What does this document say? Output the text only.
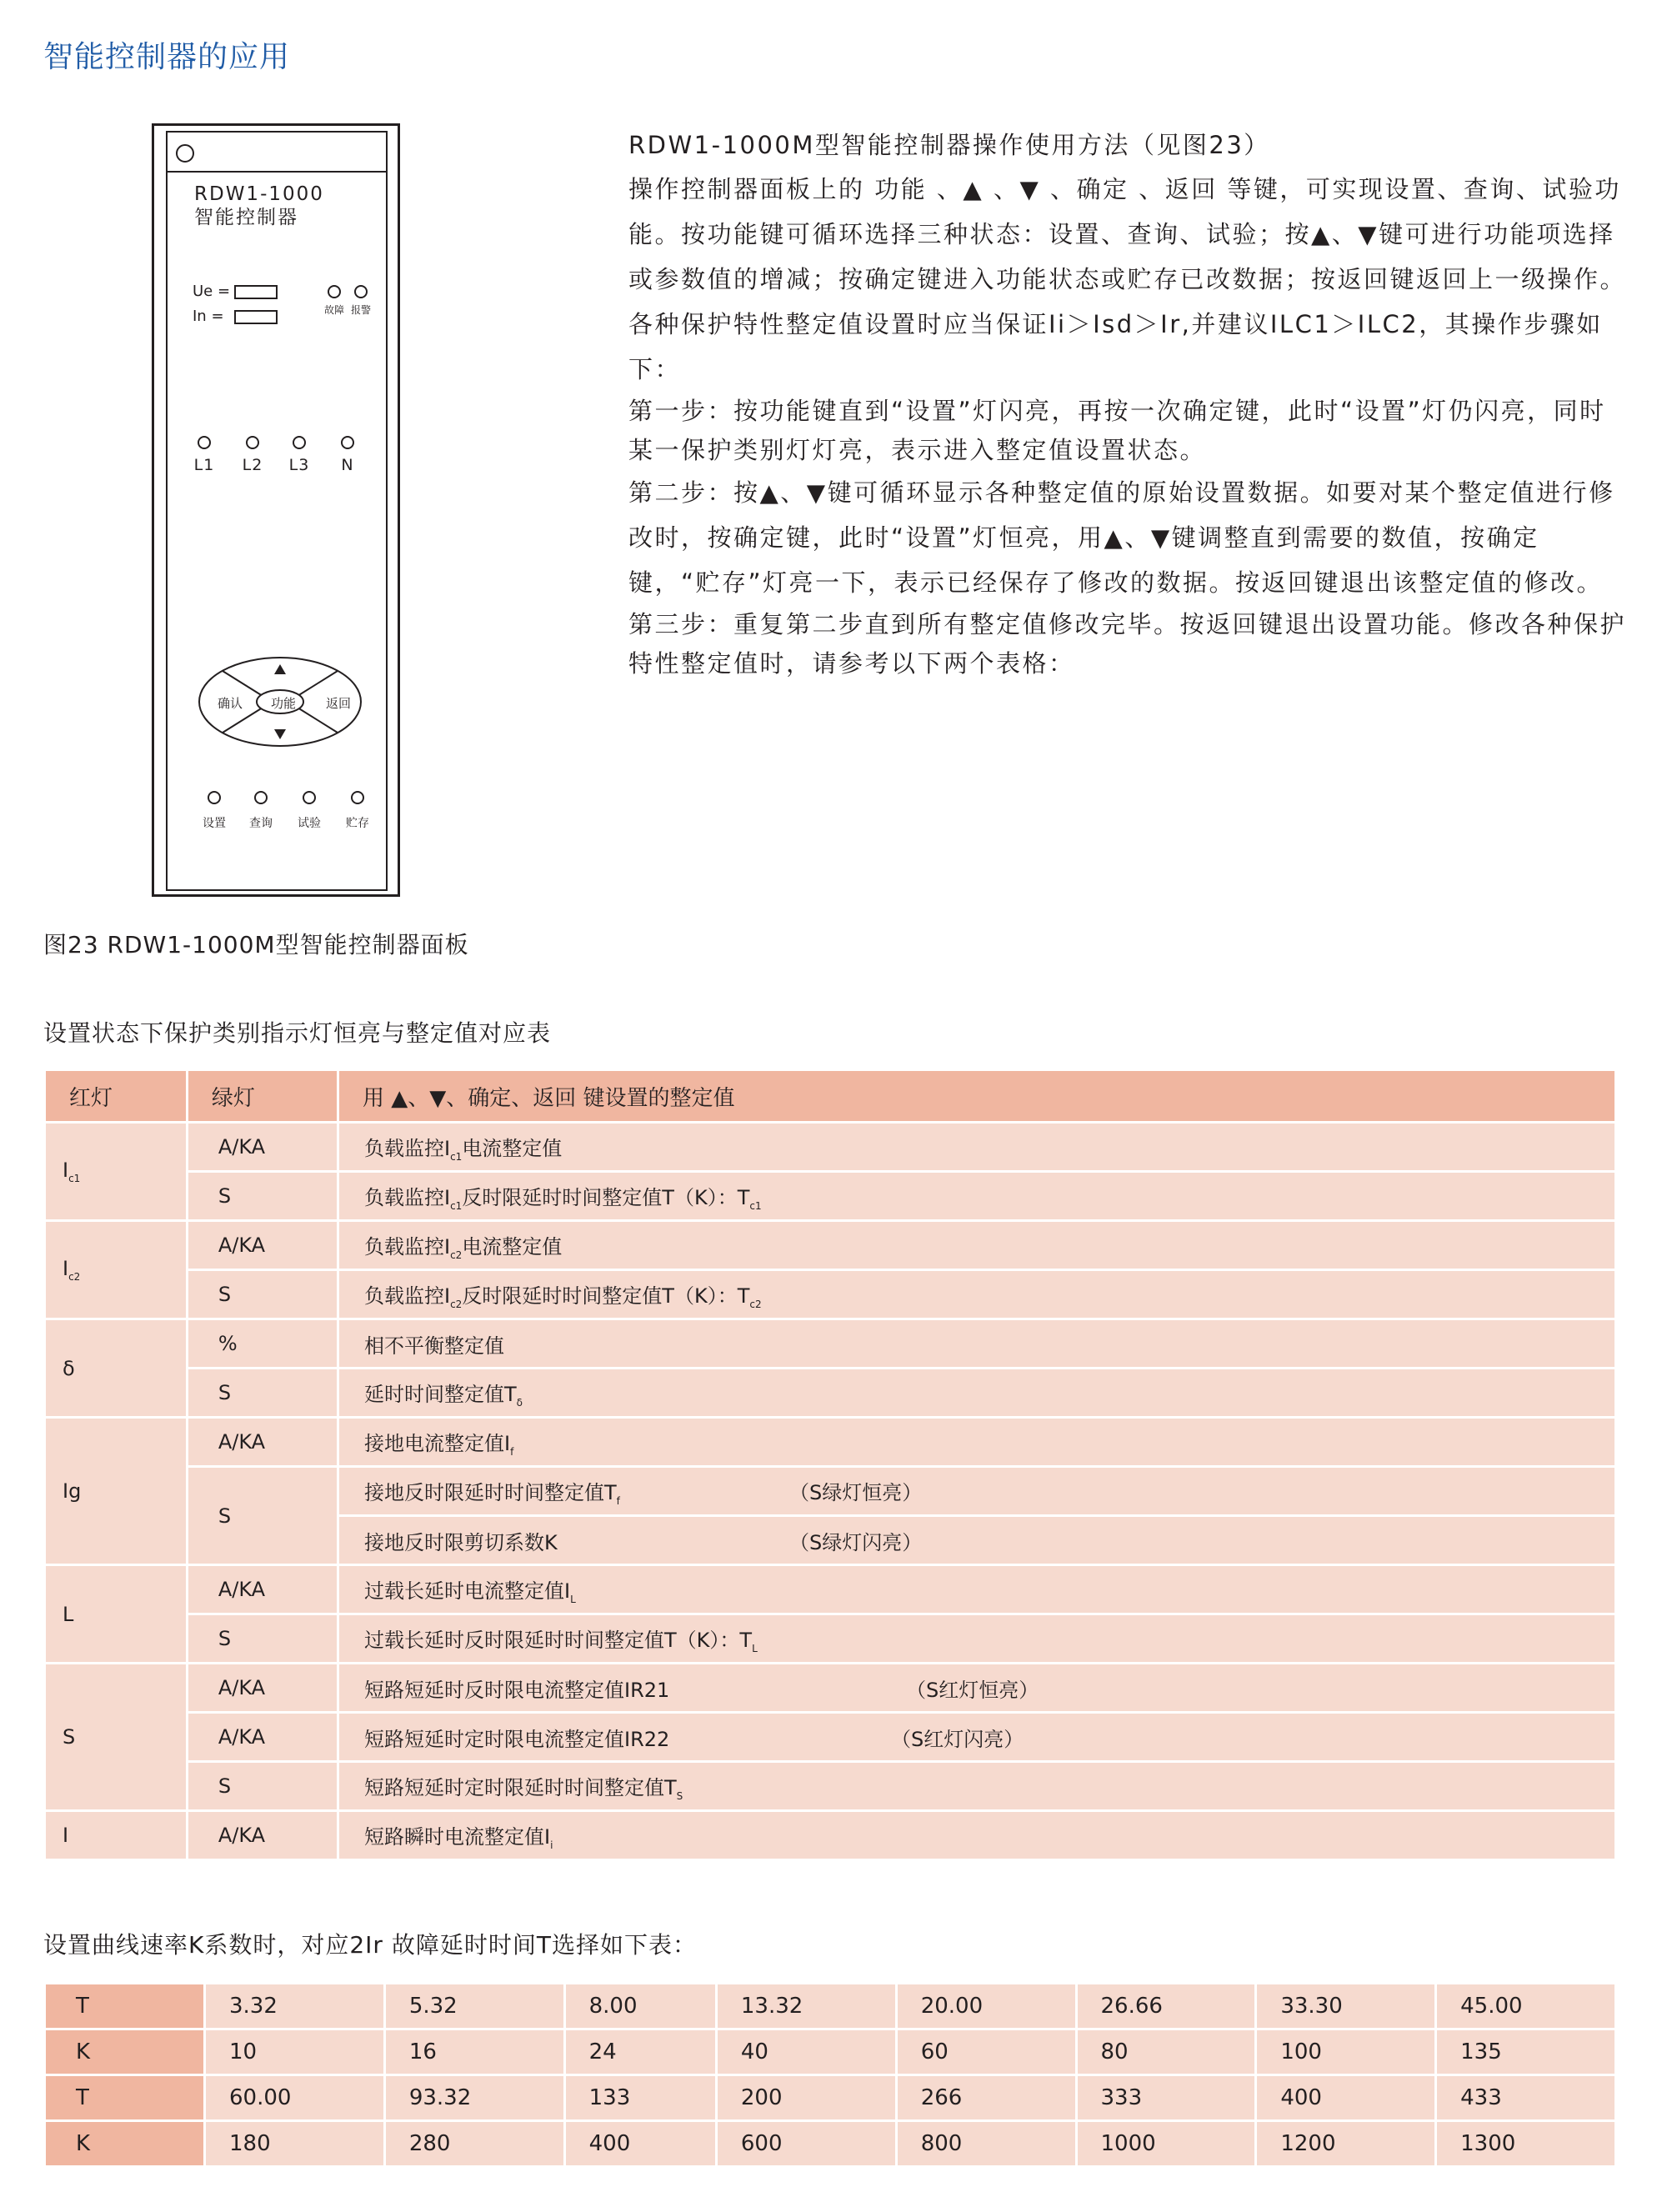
智能控制器的应用
RDW1-1000
智能控制器
Ue =
In =	故障 报警
L1	L2	L3	N
确认 功能 返回
设置	查询	试验	贮存

RDW1-1000M型智能控制器操作使用方法（见图23）

操作控制器面板上的 功能 、▲ 、▼ 、确定 、返回 等键，可实现设置、查询、试验功能。按功能键可循环选择三种状态：设置、查询、试验；按▲、▼键可进行功能项选择或参数值的增减；按确定键进入功能状态或贮存已改数据；按返回键返回上一级操作。各种保护特性整定值设置时应当保证Ii＞Isd＞Ir,并建议ILC1＞ILC2，其操作步骤如下：

第一步：按功能键直到“设置”灯闪亮，再按一次确定键，此时“设置”灯仍闪亮，同时某一保护类别灯灯亮，表示进入整定值设置状态。

第二步：按▲、▼键可循环显示各种整定值的原始设置数据。如要对某个整定值进行修改时，按确定键，此时“设置”灯恒亮，用▲、▼键调整直到需要的数值，按确定键，“贮存”灯亮一下，表示已经保存了修改的数据。按返回键退出该整定值的修改。

第三步：重复第二步直到所有整定值修改完毕。按返回键退出设置功能。修改各种保护特性整定值时，请参考以下两个表格：

图23 RDW1-1000M型智能控制器面板
设置状态下保护类别指示灯恒亮与整定值对应表
红灯	绿灯	用 ▲、▼、确定、返回 键设置的整定值
$I_{c1}$	A/KA	负载监控$I_{c1}$电流整定值
	S	负载监控$I_{c1}$反时限延时时间整定值T（K）：$T_{c1}$
$I_{c2}$	A/KA	负载监控$I_{c2}$电流整定值
	S	负载监控$I_{c2}$反时限延时时间整定值T（K）：$T_{c2}$
δ	%	相不平衡整定值
	S	延时时间整定值$T_\delta$
Ig	A/KA	接地电流整定值$I_f$
	S	接地反时限延时时间整定值$T_f$ （S绿灯恒亮）

		接地反时限剪切系数K （S绿灯闪亮）

L	A/KA	过载长延时电流整定值$I_L$
	S	过载长延时反时限延时时间整定值T（K）：$T_L$
S	A/KA	短路短延时反时限电流整定值IR21 （S红灯恒亮）

	A/KA	短路短延时定时限电流整定值IR22 （S红灯闪亮）

	S	短路短延时定时限延时时间整定值$T_S$
I	A/KA	短路瞬时电流整定值$I_i$
设置曲线速率K系数时，对应2Ir 故障延时时间T选择如下表：
T	3.32	5.32	8.00	13.32	20.00	26.66	33.30	45.00
K	10	16	24	40	60	80	100	135
T	60.00	93.32	133	200	266	333	400	433
K	180	280	400	600	800	1000	1200	1300
